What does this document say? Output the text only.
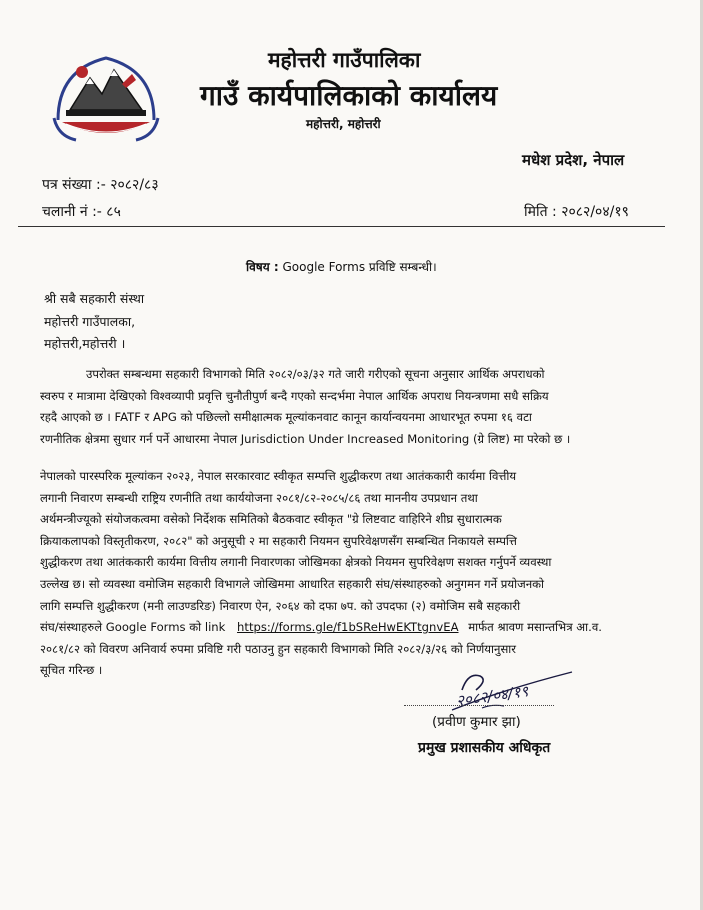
महोत्तरी गाउँपालिका
गाउँ कार्यपालिकाको कार्यालय
महोत्तरी, महोत्तरी
मधेश प्रदेश, नेपाल
पत्र संख्या :- २०८२/८३
चलानी नं :- ८५	मिति : २०८२/०४/१९
विषय : Google Forms प्रविष्टि सम्बन्धी।
श्री सबै सहकारी संस्था
महोत्तरी गाउँपालका,
महोत्तरी,महोत्तरी ।
उपरोक्त सम्बन्धमा सहकारी विभागको मिति २०८२/०३/३२ गते जारी गरीएको सूचना अनुसार आर्थिक अपराधको
स्वरुप र मात्रामा देखिएको विश्वव्यापी प्रवृत्ति चुनौतीपुर्ण बन्दै गएको सन्दर्भमा नेपाल आर्थिक अपराध नियन्त्रणमा सधै सक्रिय
रहदै आएको छ । FATF र APG को पछिल्लो समीक्षात्मक मूल्यांकनवाट कानून कार्यान्वयनमा आधारभूत रुपमा १६ वटा
रणनीतिक क्षेत्रमा सुधार गर्न पर्ने आधारमा नेपाल Jurisdiction Under Increased Monitoring (ग्रे लिष्ट) मा परेको छ ।
नेपालको पारस्परिक मूल्यांकन २०२३, नेपाल सरकारवाट स्वीकृत सम्पत्ति शुद्धीकरण तथा आतंककारी कार्यमा वित्तीय
लगानी निवारण सम्बन्धी राष्ट्रिय रणनीति तथा कार्ययोजना २०८१/८२-२०८५/८६ तथा माननीय उपप्रधान तथा
अर्थमन्त्रीज्यूको संयोजकत्वमा वसेको निर्देशक समितिको बैठकवाट स्वीकृत "ग्रे लिष्टवाट वाहिरिने शीघ्र सुधारात्मक
क्रियाकलापको विस्तृतीकरण, २०८२" को अनुसूची २ मा सहकारी नियमन सुपरिवेक्षणसँग सम्बन्धित निकायले सम्पत्ति
शुद्धीकरण तथा आतंककारी कार्यमा वित्तीय लगानी निवारणका जोखिमका क्षेत्रको नियमन सुपरिवेक्षण सशक्त गर्नुपर्ने व्यवस्था
उल्लेख छ। सो व्यवस्था वमोजिम सहकारी विभागले जोखिममा आधारित सहकारी संघ/संस्थाहरुको अनुगमन गर्ने प्रयोजनको
लागि सम्पत्ति शुद्धीकरण (मनी लाउण्डरिङ) निवारण ऐन, २०६४ को दफा ७प. को उपदफा (२) वमोजिम सबै सहकारी
संघ/संस्थाहरुले Google Forms को link https://forms.gle/f1bSReHwEKTtgnvEA मार्फत श्रावण मसान्तभित्र आ.व.
२०८१/८२ को विवरण अनिवार्य रुपमा प्रविष्टि गरी पठाउनु हुन सहकारी विभागको मिति २०८२/३/२६ को निर्णयानुसार
सूचित गरिन्छ ।
२०८२/०४/१९
(प्रवीण कुमार झा)
प्रमुख प्रशासकीय अधिकृत
